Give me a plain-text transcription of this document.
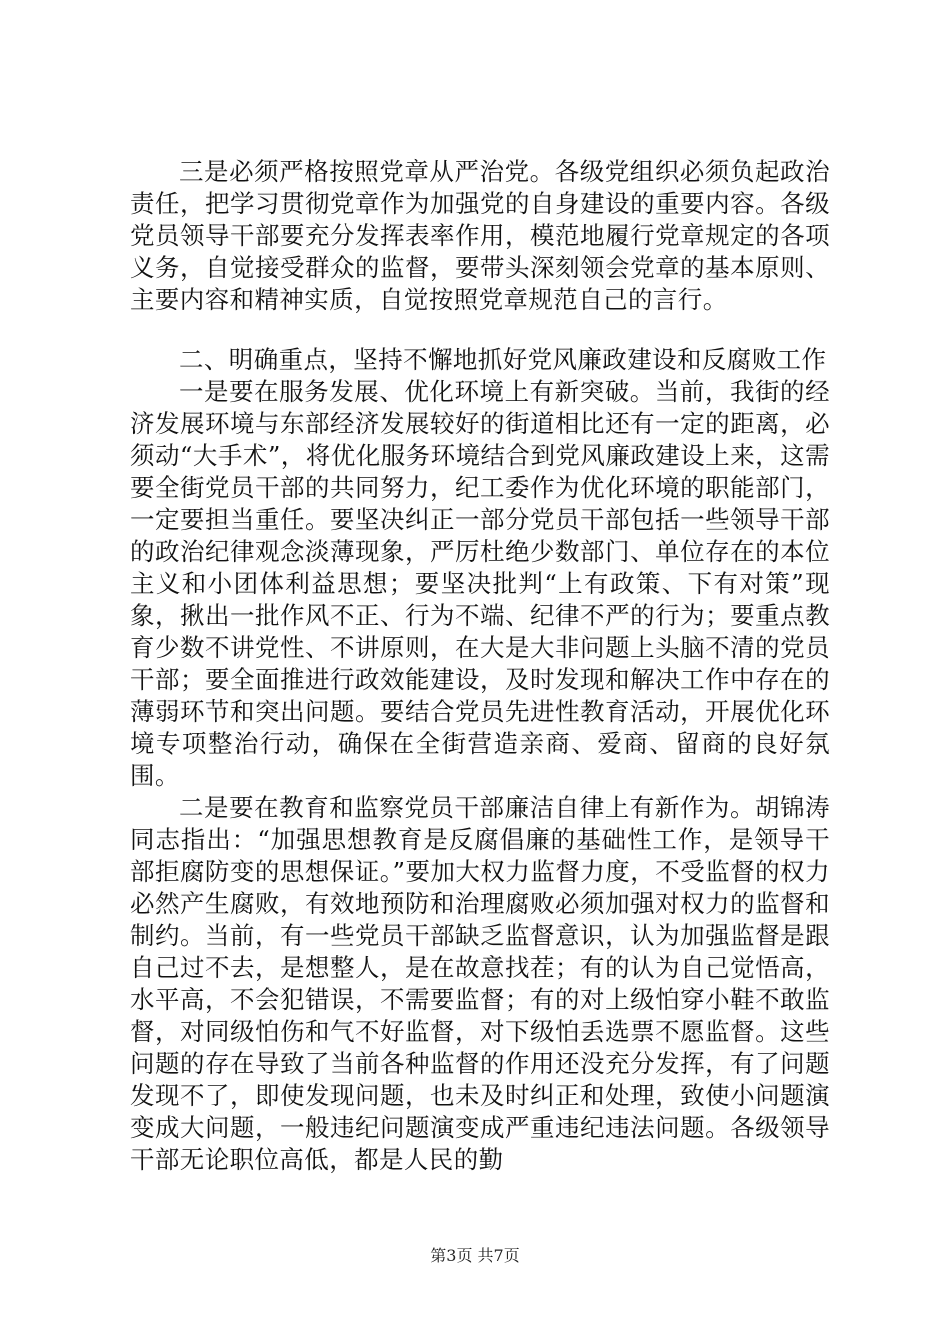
三是必须严格按照党章从严治党。各级党组织必须负起政治责任，把学习贯彻党章作为加强党的自身建设的重要内容。各级党员领导干部要充分发挥表率作用，模范地履行党章规定的各项义务，自觉接受群众的监督，要带头深刻领会党章的基本原则、主要内容和精神实质，自觉按照党章规范自己的言行。

二、明确重点，坚持不懈地抓好党风廉政建设和反腐败工作

一是要在服务发展、优化环境上有新突破。当前，我街的经济发展环境与东部经济发展较好的街道相比还有一定的距离，必须动“大手术”，将优化服务环境结合到党风廉政建设上来，这需要全街党员干部的共同努力，纪工委作为优化环境的职能部门，一定要担当重任。要坚决纠正一部分党员干部包括一些领导干部的政治纪律观念淡薄现象，严厉杜绝少数部门、单位存在的本位主义和小团体利益思想；要坚决批判“上有政策、下有对策”现象，揪出一批作风不正、行为不端、纪律不严的行为；要重点教育少数不讲党性、不讲原则，在大是大非问题上头脑不清的党员干部；要全面推进行政效能建设，及时发现和解决工作中存在的薄弱环节和突出问题。要结合党员先进性教育活动，开展优化环境专项整治行动，确保在全街营造亲商、爱商、留商的良好氛围。

二是要在教育和监察党员干部廉洁自律上有新作为。胡锦涛同志指出：“加强思想教育是反腐倡廉的基础性工作，是领导干部拒腐防变的思想保证。”要加大权力监督力度，不受监督的权力必然产生腐败，有效地预防和治理腐败必须加强对权力的监督和制约。当前，有一些党员干部缺乏监督意识，认为加强监督是跟自己过不去，是想整人，是在故意找茬；有的认为自己觉悟高，水平高，不会犯错误，不需要监督；有的对上级怕穿小鞋不敢监督，对同级怕伤和气不好监督，对下级怕丢选票不愿监督。这些问题的存在导致了当前各种监督的作用还没充分发挥，有了问题发现不了，即使发现问题，也未及时纠正和处理，致使小问题演变成大问题，一般违纪问题演变成严重违纪违法问题。各级领导干部无论职位高低，都是人民的勤

第3页 共7页
